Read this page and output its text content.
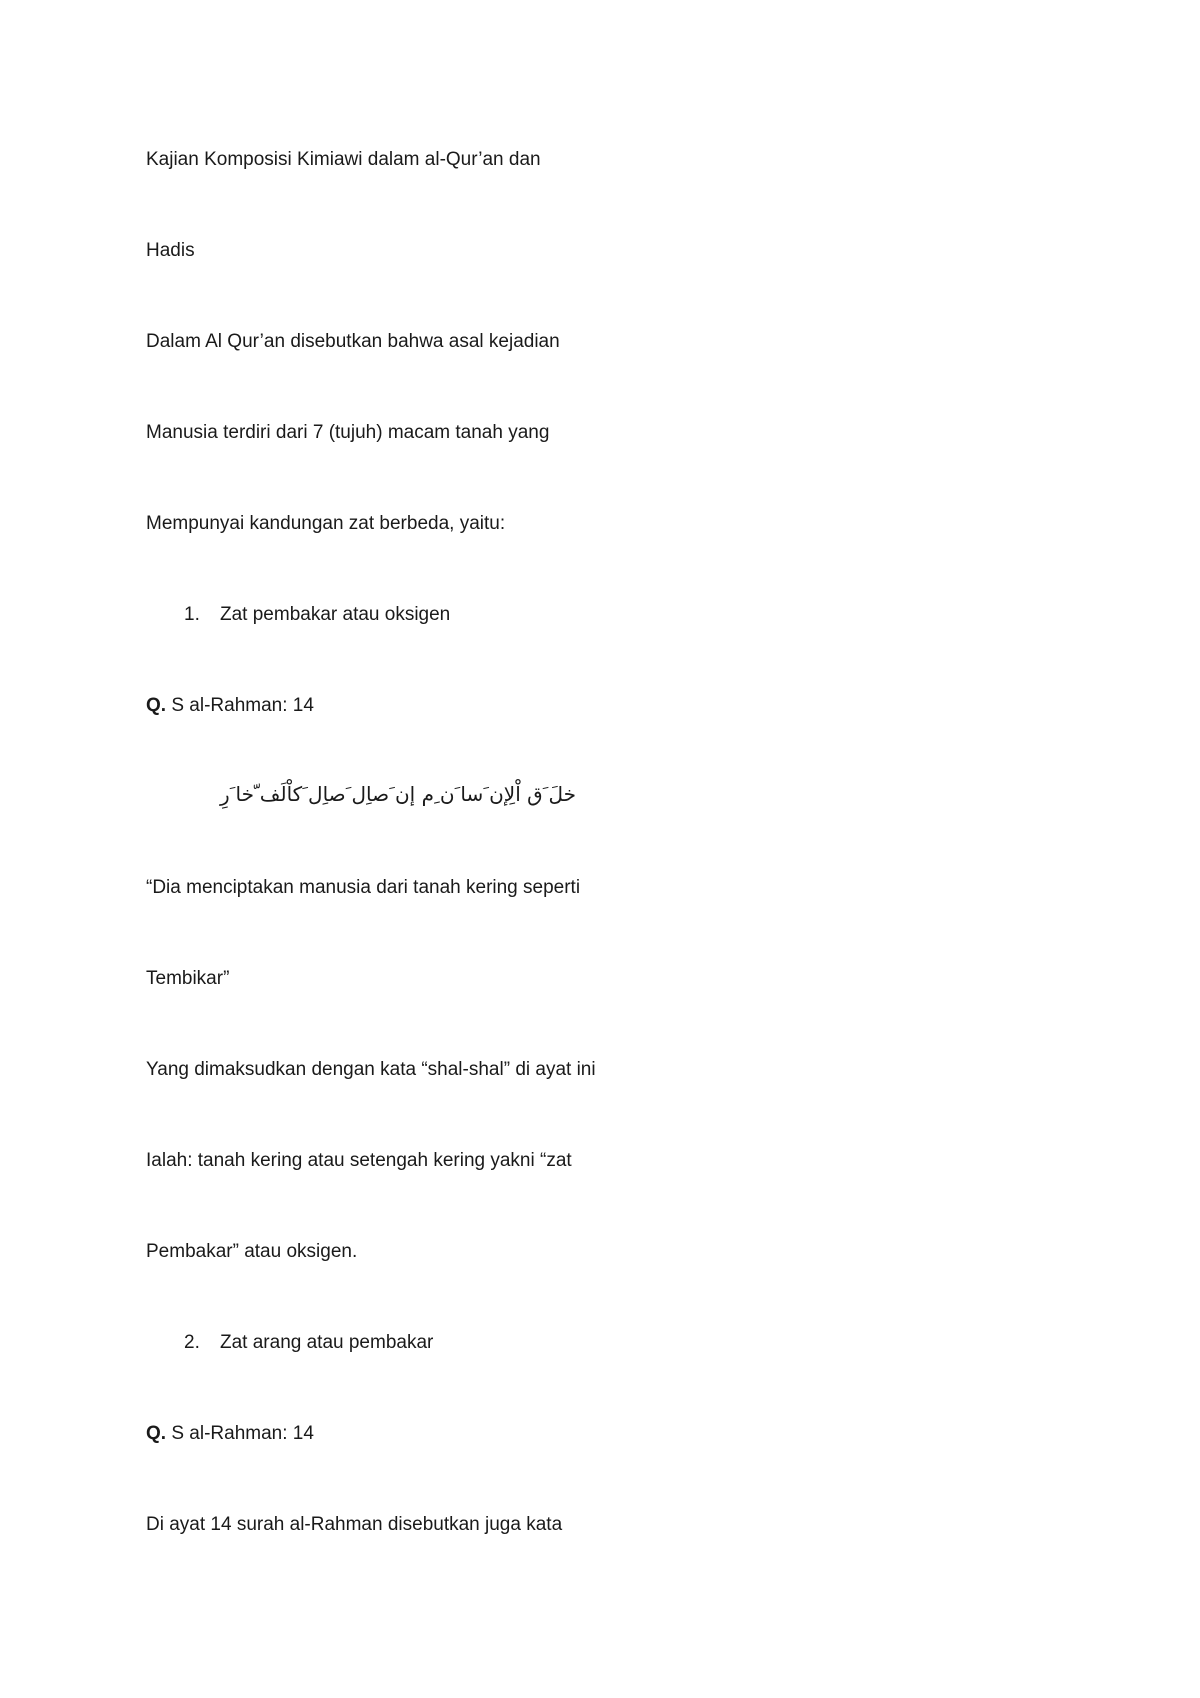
Kajian Komposisi Kimiawi dalam al-Qur’an dan
Hadis
Dalam Al Qur’an disebutkan bahwa asal kejadian
Manusia terdiri dari 7 (tujuh) macam tanah yang
Mempunyai kandungan zat berbeda, yaitu:
1. Zat pembakar atau oksigen
Q. S al-Rahman: 14
خلَ َق اْلِإن َسا َن ِم إن َصاِل َصاِل َكاْلَف ّخا َرِ
“Dia menciptakan manusia dari tanah kering seperti
Tembikar”
Yang dimaksudkan dengan kata “shal-shal” di ayat ini
Ialah: tanah kering atau setengah kering yakni “zat
Pembakar” atau oksigen.
2. Zat arang atau pembakar
Q. S al-Rahman: 14
Di ayat 14 surah al-Rahman disebutkan juga kata
